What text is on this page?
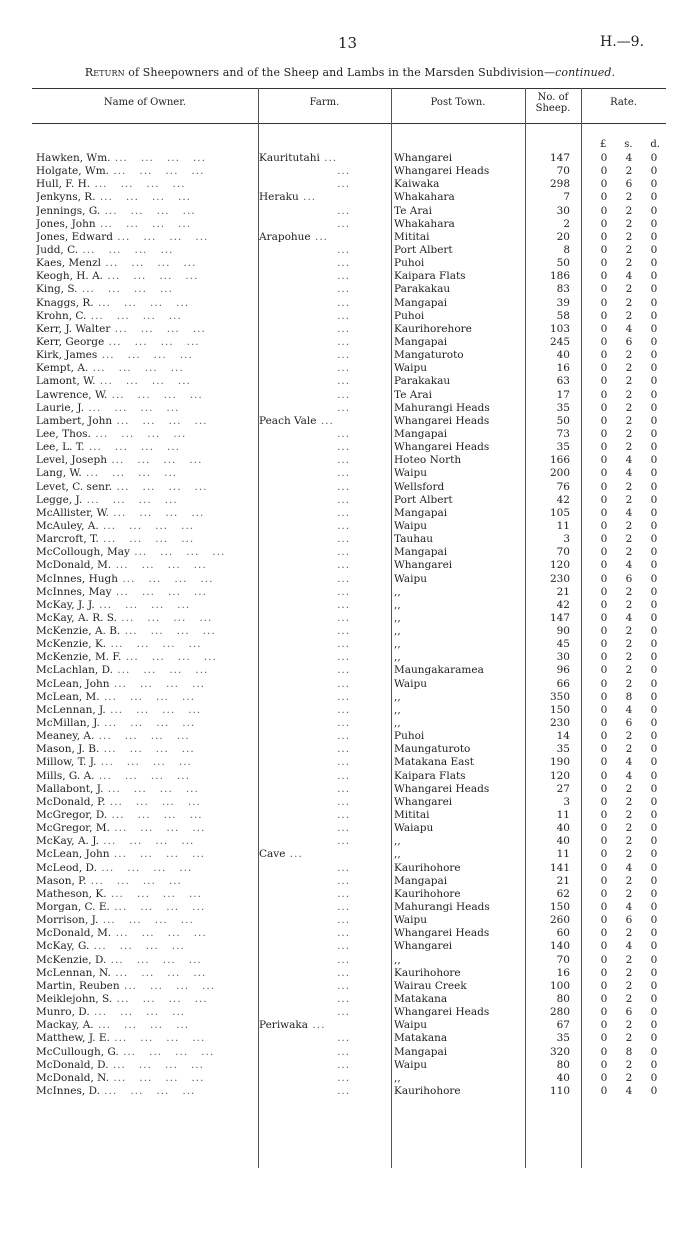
13	H.—9.
Return of Sheepowners and of the Sheep and Lambs in the Marsden Subdivision—continued.
Name of Owner.	Farm.	Post Town.	No. of
Sheep.
Rate.
£ s. d.
Hawken, Wm. ...   ...   ...   ...	Kauritutahi ...	Whangarei	147	0 4 0
Holgate, Wm. ...   ...   ...   ...	...	Whangarei Heads	70	0 2 0
Hull, F. H. ...   ...   ...   ...	...	Kaiwaka	298	0 6 0
Jenkyns, R. ...   ...   ...   ...	Heraku ...	Whakahara	7	0 2 0
Jennings, G. ...   ...   ...   ...	...	Te Arai	30	0 2 0
Jones, John ...   ...   ...   ...	...	Whakahara	2	0 2 0
Jones, Edward ...   ...   ...   ...	Arapohue ...	Mititai	20	0 2 0
Judd, C. ...   ...   ...   ...	...	Port Albert	8	0 2 0
Kaes, Menzl ...   ...   ...   ...	...	Puhoi	50	0 2 0
Keogh, H. A. ...   ...   ...   ...	...	Kaipara Flats	186	0 4 0
King, S. ...   ...   ...   ...	...	Parakakau	83	0 2 0
Knaggs, R. ...   ...   ...   ...	...	Mangapai	39	0 2 0
Krohn, C. ...   ...   ...   ...	...	Puhoi	58	0 2 0
Kerr, J. Walter ...   ...   ...   ...	...	Kaurihorehore	103	0 4 0
Kerr, George ...   ...   ...   ...	...	Mangapai	245	0 6 0
Kirk, James ...   ...   ...   ...	...	Mangaturoto	40	0 2 0
Kempt, A. ...   ...   ...   ...	...	Waipu	16	0 2 0
Lamont, W. ...   ...   ...   ...	...	Parakakau	63	0 2 0
Lawrence, W. ...   ...   ...   ...	...	Te Arai	17	0 2 0
Laurie, J. ...   ...   ...   ...	...	Mahurangi Heads	35	0 2 0
Lambert, John ...   ...   ...   ...	Peach Vale ...	Whangarei Heads	50	0 2 0
Lee, Thos. ...   ...   ...   ...	...	Mangapai	73	0 2 0
Lee, L. T. ...   ...   ...   ...	...	Whangarei Heads	35	0 2 0
Level, Joseph ...   ...   ...   ...	...	Hoteo North	166	0 4 0
Lang, W. ...   ...   ...   ...	...	Waipu	200	0 4 0
Levet, C. senr. ...   ...   ...   ...	...	Wellsford	76	0 2 0
Legge, J. ...   ...   ...   ...	...	Port Albert	42	0 2 0
McAllister, W. ...   ...   ...   ...	...	Mangapai	105	0 4 0
McAuley, A. ...   ...   ...   ...	...	Waipu	11	0 2 0
Marcroft, T. ...   ...   ...   ...	...	Tauhau	3	0 2 0
McCollough, May ...   ...   ...   ...	...	Mangapai	70	0 2 0
McDonald, M. ...   ...   ...   ...	...	Whangarei	120	0 4 0
McInnes, Hugh ...   ...   ...   ...	...	Waipu	230	0 6 0
McInnes, May ...   ...   ...   ...	...	,,	21	0 2 0
McKay, J. J. ...   ...   ...   ...	...	,,	42	0 2 0
McKay, A. R. S. ...   ...   ...   ...	...	,,	147	0 4 0
McKenzie, A. B. ...   ...   ...   ...	...	,,	90	0 2 0
McKenzie, K. ...   ...   ...   ...	...	,,	45	0 2 0
McKenzie, M. F. ...   ...   ...   ...	...	,,	30	0 2 0
McLachlan, D. ...   ...   ...   ...	...	Maungakaramea	96	0 2 0
McLean, John ...   ...   ...   ...	...	Waipu	66	0 2 0
McLean, M. ...   ...   ...   ...	...	,,	350	0 8 0
McLennan, J. ...   ...   ...   ...	...	,,	150	0 4 0
McMillan, J. ...   ...   ...   ...	...	,,	230	0 6 0
Meaney, A. ...   ...   ...   ...	...	Puhoi	14	0 2 0
Mason, J. B. ...   ...   ...   ...	...	Maungaturoto	35	0 2 0
Millow, T. J. ...   ...   ...   ...	...	Matakana East	190	0 4 0
Mills, G. A. ...   ...   ...   ...	...	Kaipara Flats	120	0 4 0
Mallabont, J. ...   ...   ...   ...	...	Whangarei Heads	27	0 2 0
McDonald, P. ...   ...   ...   ...	...	Whangarei	3	0 2 0
McGregor, D. ...   ...   ...   ...	...	Mititai	11	0 2 0
McGregor, M. ...   ...   ...   ...	...	Waiapu	40	0 2 0
McKay, A. J. ...   ...   ...   ...	...	,,	40	0 2 0
McLean, John ...   ...   ...   ...	Cave ...	,,	11	0 2 0
McLeod, D. ...   ...   ...   ...	...	Kaurihohore	141	0 4 0
Mason, P. ...   ...   ...   ...	...	Mangapai	21	0 2 0
Matheson, K. ...   ...   ...   ...	...	Kaurihohore	62	0 2 0
Morgan, C. E. ...   ...   ...   ...	...	Mahurangi Heads	150	0 4 0
Morrison, J. ...   ...   ...   ...	...	Waipu	260	0 6 0
McDonald, M. ...   ...   ...   ...	...	Whangarei Heads	60	0 2 0
McKay, G. ...   ...   ...   ...	...	Whangarei	140	0 4 0
McKenzie, D. ...   ...   ...   ...	...	,,	70	0 2 0
McLennan, N. ...   ...   ...   ...	...	Kaurihohore	16	0 2 0
Martin, Reuben ...   ...   ...   ...	...	Wairau Creek	100	0 2 0
Meiklejohn, S. ...   ...   ...   ...	...	Matakana	80	0 2 0
Munro, D. ...   ...   ...   ...	...	Whangarei Heads	280	0 6 0
Mackay, A. ...   ...   ...   ...	Periwaka ...	Waipu	67	0 2 0
Matthew, J. E. ...   ...   ...   ...	...	Matakana	35	0 2 0
McCullough, G. ...   ...   ...   ...	...	Mangapai	320	0 8 0
McDonald, D. ...   ...   ...   ...	...	Waipu	80	0 2 0
McDonald, N. ...   ...   ...   ...	...	,,	40	0 2 0
McInnes, D. ...   ...   ...   ...	...	Kaurihohore	110	0 4 0
